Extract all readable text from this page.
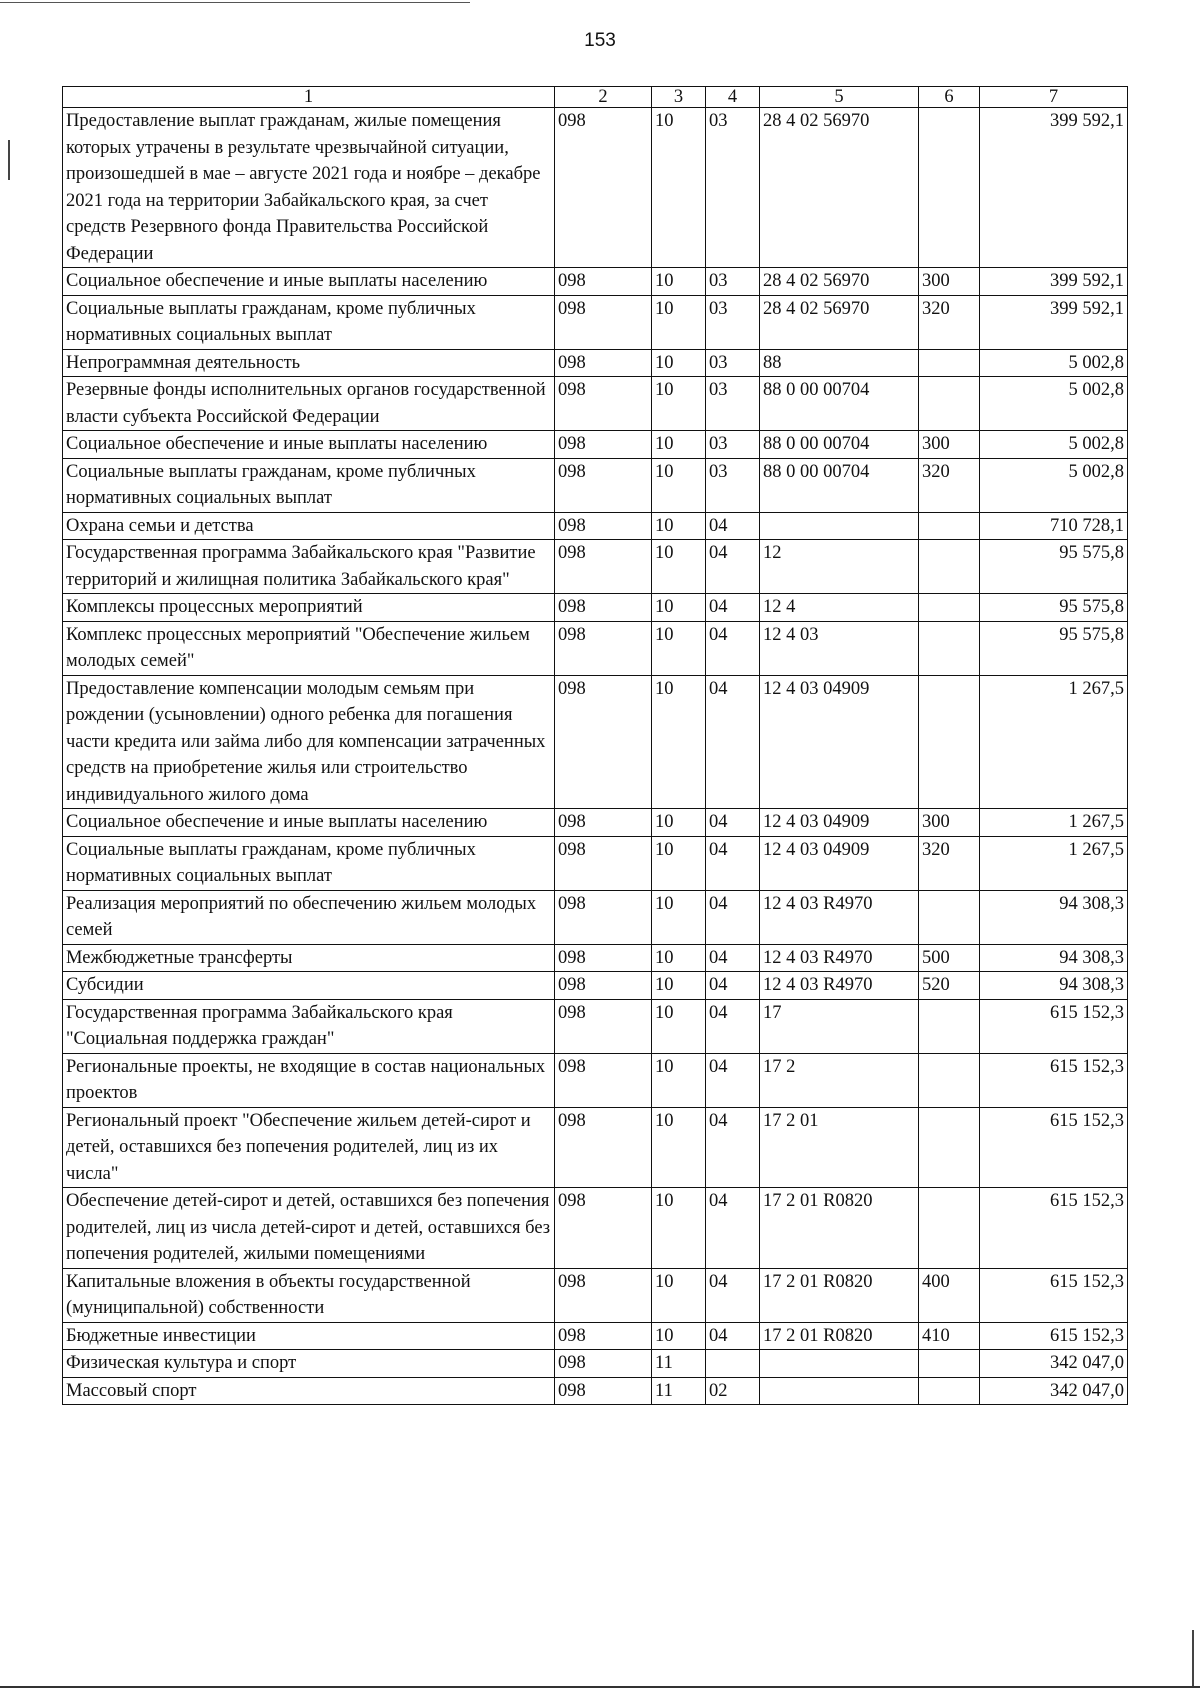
153
1	2	3	4	5	6	7
Предоставление выплат гражданам, жилые помещения которых утрачены в результате чрезвычайной ситуации, произошедшей в мае – августе 2021 года и ноябре – декабре 2021 года на территории Забайкальского края, за счет средств Резервного фонда Правительства Российской Федерации	098	10	03	28 4 02 56970		399 592,1
Социальное обеспечение и иные выплаты населению	098	10	03	28 4 02 56970	300	399 592,1
Социальные выплаты гражданам, кроме публичных нормативных социальных выплат	098	10	03	28 4 02 56970	320	399 592,1
Непрограммная деятельность	098	10	03	88		5 002,8
Резервные фонды исполнительных органов государственной власти субъекта Российской Федерации	098	10	03	88 0 00 00704		5 002,8
Социальное обеспечение и иные выплаты населению	098	10	03	88 0 00 00704	300	5 002,8
Социальные выплаты гражданам, кроме публичных нормативных социальных выплат	098	10	03	88 0 00 00704	320	5 002,8
Охрана семьи и детства	098	10	04			710 728,1
Государственная программа Забайкальского края "Развитие территорий и жилищная политика Забайкальского края"	098	10	04	12		95 575,8
Комплексы процессных мероприятий	098	10	04	12 4		95 575,8
Комплекс процессных мероприятий "Обеспечение жильем молодых семей"	098	10	04	12 4 03		95 575,8
Предоставление компенсации молодым семьям при рождении (усыновлении) одного ребенка для погашения части кредита или займа либо для компенсации затраченных средств на приобретение жилья или строительство индивидуального жилого дома	098	10	04	12 4 03 04909		1 267,5
Социальное обеспечение и иные выплаты населению	098	10	04	12 4 03 04909	300	1 267,5
Социальные выплаты гражданам, кроме публичных нормативных социальных выплат	098	10	04	12 4 03 04909	320	1 267,5
Реализация мероприятий по обеспечению жильем молодых семей	098	10	04	12 4 03 R4970		94 308,3
Межбюджетные трансферты	098	10	04	12 4 03 R4970	500	94 308,3
Субсидии	098	10	04	12 4 03 R4970	520	94 308,3
Государственная программа Забайкальского края "Социальная поддержка граждан"	098	10	04	17		615 152,3
Региональные проекты, не входящие в состав национальных проектов	098	10	04	17 2		615 152,3
Региональный проект "Обеспечение жильем детей-сирот и детей, оставшихся без попечения родителей, лиц из их числа"	098	10	04	17 2 01		615 152,3
Обеспечение детей-сирот и детей, оставшихся без попечения родителей, лиц из числа детей-сирот и детей, оставшихся без попечения родителей, жилыми помещениями	098	10	04	17 2 01 R0820		615 152,3
Капитальные вложения в объекты государственной (муниципальной) собственности	098	10	04	17 2 01 R0820	400	615 152,3
Бюджетные инвестиции	098	10	04	17 2 01 R0820	410	615 152,3
Физическая культура и спорт	098	11				342 047,0
Массовый спорт	098	11	02			342 047,0
